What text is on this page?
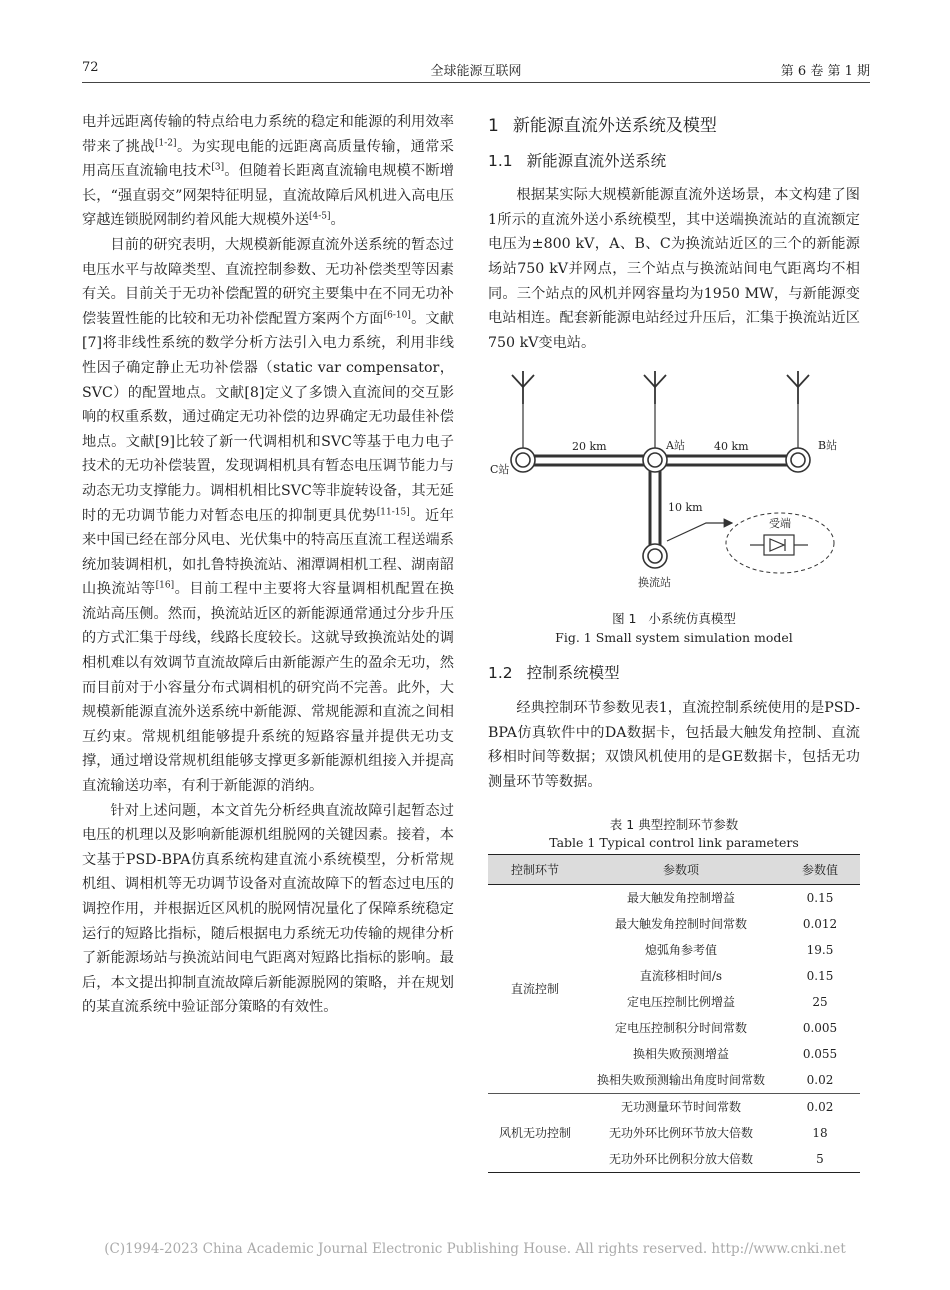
72	全球能源互联网	第 6 卷 第 1 期

电并远距离传输的特点给电力系统的稳定和能源的利用效率带来了挑战[1-2]。为实现电能的远距离高质量传输，通常采用高压直流输电技术[3]。但随着长距离直流输电规模不断增长，“强直弱交”网架特征明显，直流故障后风机进入高电压穿越连锁脱网制约着风能大规模外送[4-5]。

目前的研究表明，大规模新能源直流外送系统的暂态过电压水平与故障类型、直流控制参数、无功补偿类型等因素有关。目前关于无功补偿配置的研究主要集中在不同无功补偿装置性能的比较和无功补偿配置方案两个方面[6-10]。文献[7]将非线性系统的数学分析方法引入电力系统，利用非线性因子确定静止无功补偿器（static var compensator，SVC）的配置地点。文献[8]定义了多馈入直流间的交互影响的权重系数，通过确定无功补偿的边界确定无功最佳补偿地点。文献[9]比较了新一代调相机和SVC等基于电力电子技术的无功补偿装置，发现调相机具有暂态电压调节能力与动态无功支撑能力。调相机相比SVC等非旋转设备，其无延时的无功调节能力对暂态电压的抑制更具优势[11-15]。近年来中国已经在部分风电、光伏集中的特高压直流工程送端系统加装调相机，如扎鲁特换流站、湘潭调相机工程、湖南韶山换流站等[16]。目前工程中主要将大容量调相机配置在换流站高压侧。然而，换流站近区的新能源通常通过分步升压的方式汇集于母线，线路长度较长。这就导致换流站处的调相机难以有效调节直流故障后由新能源产生的盈余无功，然而目前对于小容量分布式调相机的研究尚不完善。此外，大规模新能源直流外送系统中新能源、常规能源和直流之间相互约束。常规机组能够提升系统的短路容量并提供无功支撑，通过增设常规机组能够支撑更多新能源机组接入并提高直流输送功率，有利于新能源的消纳。

针对上述问题，本文首先分析经典直流故障引起暂态过电压的机理以及影响新能源机组脱网的关键因素。接着，本文基于PSD-BPA仿真系统构建直流小系统模型，分析常规机组、调相机等无功调节设备对直流故障下的暂态过电压的调控作用，并根据近区风机的脱网情况量化了保障系统稳定运行的短路比指标，随后根据电力系统无功传输的规律分析了新能源场站与换流站间电气距离对短路比指标的影响。最后，本文提出抑制直流故障后新能源脱网的策略，并在规划的某直流系统中验证部分策略的有效性。

1 新能源直流外送系统及模型
1.1 新能源直流外送系统

根据某实际大规模新能源直流外送场景，本文构建了图1所示的直流外送小系统模型，其中送端换流站的直流额定电压为±800 kV，A、B、C为换流站近区的三个的新能源场站750 kV并网点，三个站点与换流站间电气距离均不相同。三个站点的风机并网容量均为1950 MW，与新能源变电站相连。配套新能源电站经过升压后，汇集于换流站近区750 kV变电站。

C站
A站	B站
20 km	40 km
10 km
换流站
受端
图 1 小系统仿真模型
Fig. 1 Small system simulation model
1.2 控制系统模型

经典控制环节参数见表1，直流控制系统使用的是PSD-BPA仿真软件中的DA数据卡，包括最大触发角控制、直流移相时间等数据；双馈风机使用的是GE数据卡，包括无功测量环节等数据。

表 1 典型控制环节参数
Table 1 Typical control link parameters
控制环节	参数项	参数值
直流控制	最大触发角控制增益	0.15
	最大触发角控制时间常数	0.012
	熄弧角参考值	19.5
	直流移相时间/s	0.15
	定电压控制比例增益	25
	定电压控制积分时间常数	0.005
	换相失败预测增益	0.055
	换相失败预测输出角度时间常数	0.02
风机无功控制	无功测量环节时间常数	0.02
	无功外环比例环节放大倍数	18
	无功外环比例积分放大倍数	5
(C)1994-2023 China Academic Journal Electronic Publishing House. All rights reserved. http://www.cnki.net
